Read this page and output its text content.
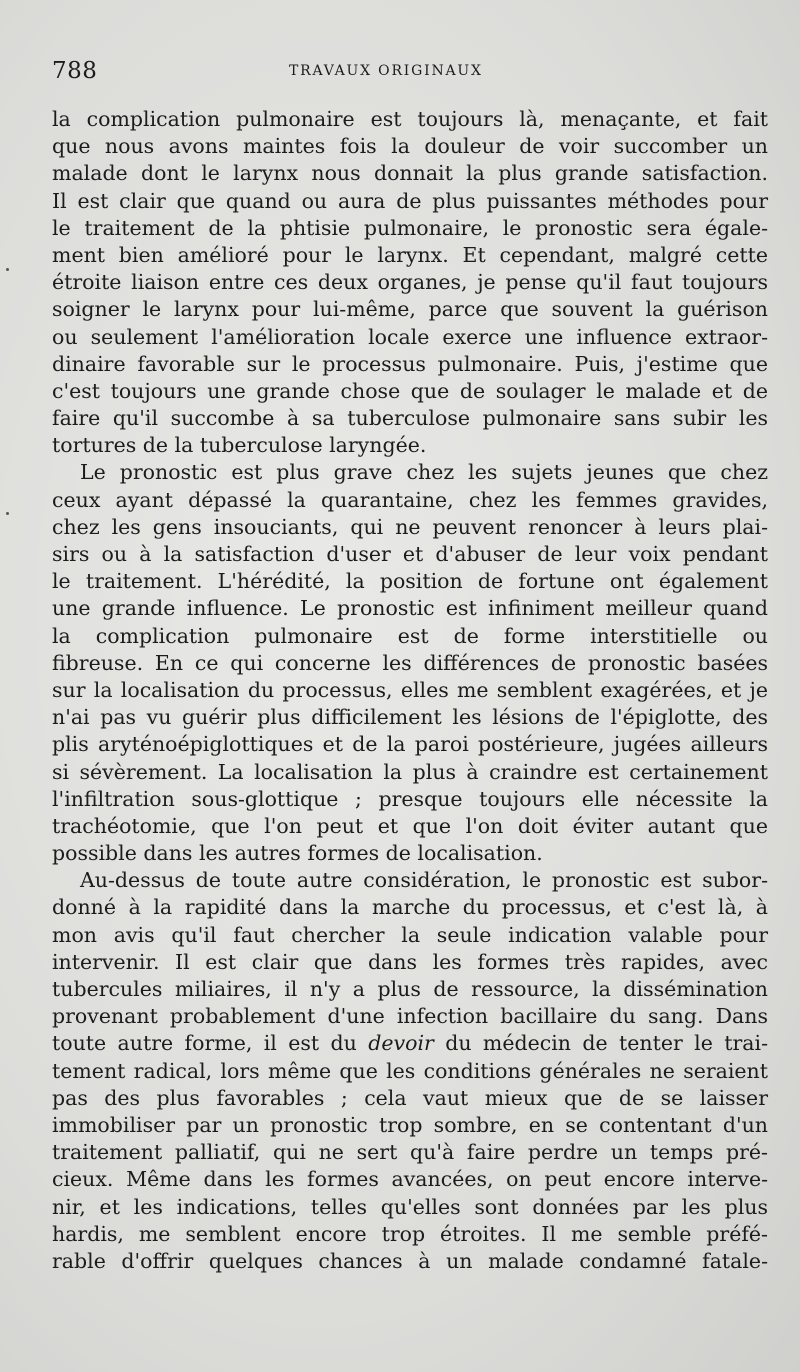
788	TRAVAUX ORIGINAUX
la complication pulmonaire est toujours là, menaçante, et fait
que nous avons maintes fois la douleur de voir succomber un
malade dont le larynx nous donnait la plus grande satisfaction.
Il est clair que quand ou aura de plus puissantes méthodes pour
le traitement de la phtisie pulmonaire, le pronostic sera égale-
ment bien amélioré pour le larynx. Et cependant, malgré cette
étroite liaison entre ces deux organes, je pense qu'il faut toujours
soigner le larynx pour lui-même, parce que souvent la guérison
ou seulement l'amélioration locale exerce une influence extraor-
dinaire favorable sur le processus pulmonaire. Puis, j'estime que
c'est toujours une grande chose que de soulager le malade et de
faire qu'il succombe à sa tuberculose pulmonaire sans subir les
tortures de la tuberculose laryngée.
Le pronostic est plus grave chez les sujets jeunes que chez
ceux ayant dépassé la quarantaine, chez les femmes gravides,
chez les gens insouciants, qui ne peuvent renoncer à leurs plai-
sirs ou à la satisfaction d'user et d'abuser de leur voix pendant
le traitement. L'hérédité, la position de fortune ont également
une grande influence. Le pronostic est infiniment meilleur quand
la complication pulmonaire est de forme interstitielle ou
fibreuse. En ce qui concerne les différences de pronostic basées
sur la localisation du processus, elles me semblent exagérées, et je
n'ai pas vu guérir plus difficilement les lésions de l'épiglotte, des
plis aryténoépiglottiques et de la paroi postérieure, jugées ailleurs
si sévèrement. La localisation la plus à craindre est certainement
l'infiltration sous-glottique ; presque toujours elle nécessite la
trachéotomie, que l'on peut et que l'on doit éviter autant que
possible dans les autres formes de localisation.
Au-dessus de toute autre considération, le pronostic est subor-
donné à la rapidité dans la marche du processus, et c'est là, à
mon avis qu'il faut chercher la seule indication valable pour
intervenir. Il est clair que dans les formes très rapides, avec
tubercules miliaires, il n'y a plus de ressource, la dissémination
provenant probablement d'une infection bacillaire du sang. Dans
toute autre forme, il est du devoir du médecin de tenter le trai-
tement radical, lors même que les conditions générales ne seraient
pas des plus favorables ; cela vaut mieux que de se laisser
immobiliser par un pronostic trop sombre, en se contentant d'un
traitement palliatif, qui ne sert qu'à faire perdre un temps pré-
cieux. Même dans les formes avancées, on peut encore interve-
nir, et les indications, telles qu'elles sont données par les plus
hardis, me semblent encore trop étroites. Il me semble préfé-
rable d'offrir quelques chances à un malade condamné fatale-
